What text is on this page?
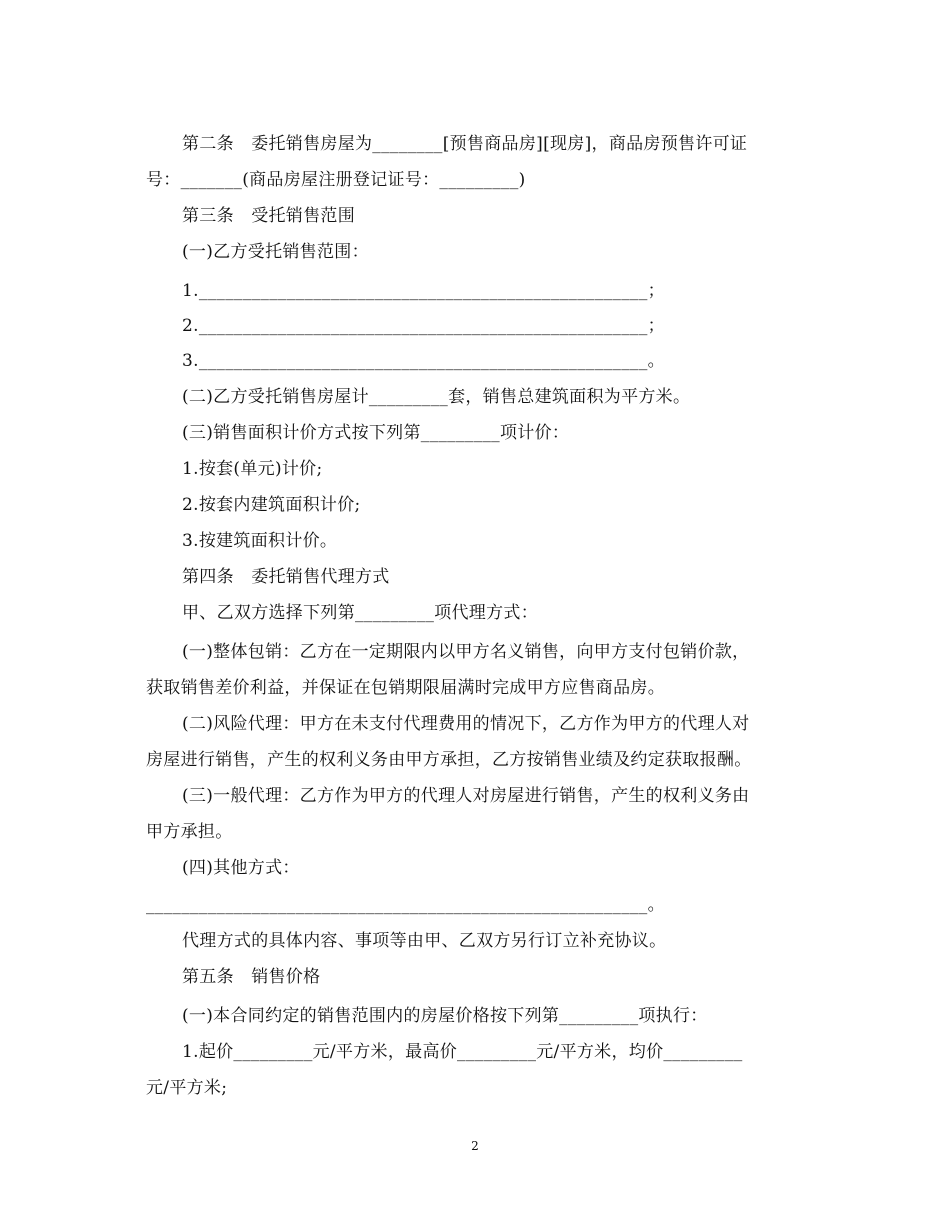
第二条　委托销售房屋为________[预售商品房][现房]，商品房预售许可证
号：_______(商品房屋注册登记证号：_________)
第三条　受托销售范围
(一)乙方受托销售范围：
1.___________________________________________________；
2.___________________________________________________；
3.___________________________________________________。
(二)乙方受托销售房屋计_________套，销售总建筑面积为平方米。
(三)销售面积计价方式按下列第_________项计价：
1.按套(单元)计价;
2.按套内建筑面积计价;
3.按建筑面积计价。
第四条　委托销售代理方式
甲、乙双方选择下列第_________项代理方式：
(一)整体包销：乙方在一定期限内以甲方名义销售，向甲方支付包销价款，
获取销售差价利益，并保证在包销期限届满时完成甲方应售商品房。
(二)风险代理：甲方在未支付代理费用的情况下，乙方作为甲方的代理人对
房屋进行销售，产生的权利义务由甲方承担，乙方按销售业绩及约定获取报酬。
(三)一般代理：乙方作为甲方的代理人对房屋进行销售，产生的权利义务由
甲方承担。
(四)其他方式：
_________________________________________________________。
代理方式的具体内容、事项等由甲、乙双方另行订立补充协议。
第五条　销售价格
(一)本合同约定的销售范围内的房屋价格按下列第_________项执行：
1.起价_________元/平方米，最高价_________元/平方米，均价_________
元/平方米;
2
